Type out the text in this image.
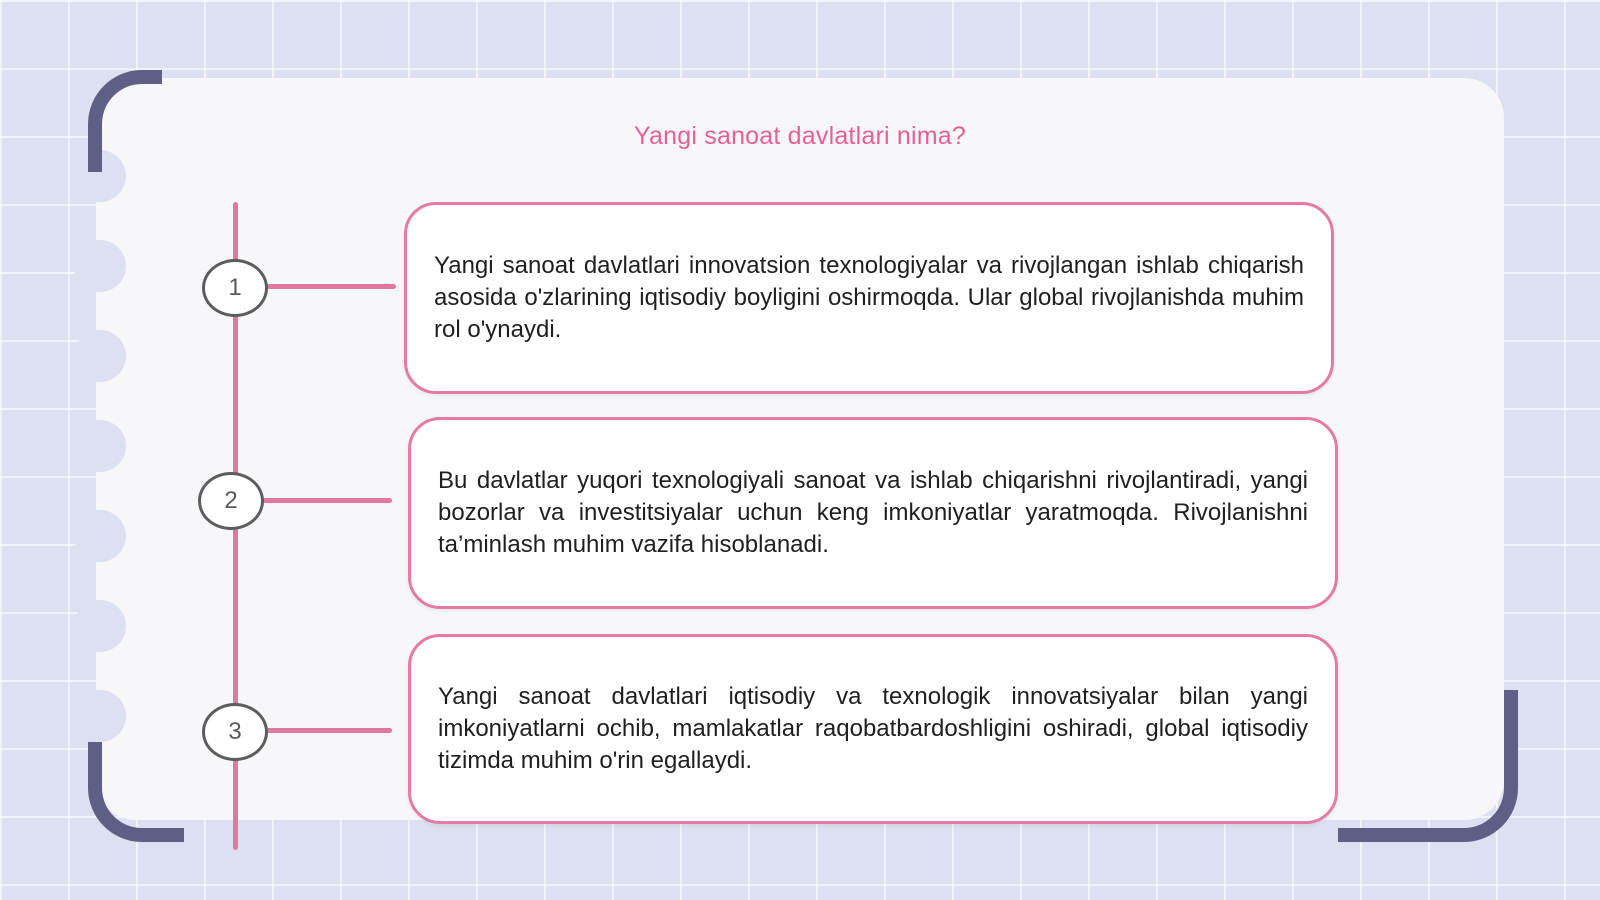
Yangi sanoat davlatlari nima?
1
2
3

Yangi sanoat davlatlari innovatsion texnologiyalar va rivojlangan ishlab chiqarish asosida o'zlarining iqtisodiy boyligini oshirmoqda. Ular global rivojlanishda muhim rol o'ynaydi.

Bu davlatlar yuqori texnologiyali sanoat va ishlab chiqarishni rivojlantiradi, yangi bozorlar va investitsiyalar uchun keng imkoniyatlar yaratmoqda. Rivojlanishni ta’minlash muhim vazifa hisoblanadi.

Yangi sanoat davlatlari iqtisodiy va texnologik innovatsiyalar bilan yangi imkoniyatlarni ochib, mamlakatlar raqobatbardoshligini oshiradi, global iqtisodiy tizimda muhim o'rin egallaydi.
